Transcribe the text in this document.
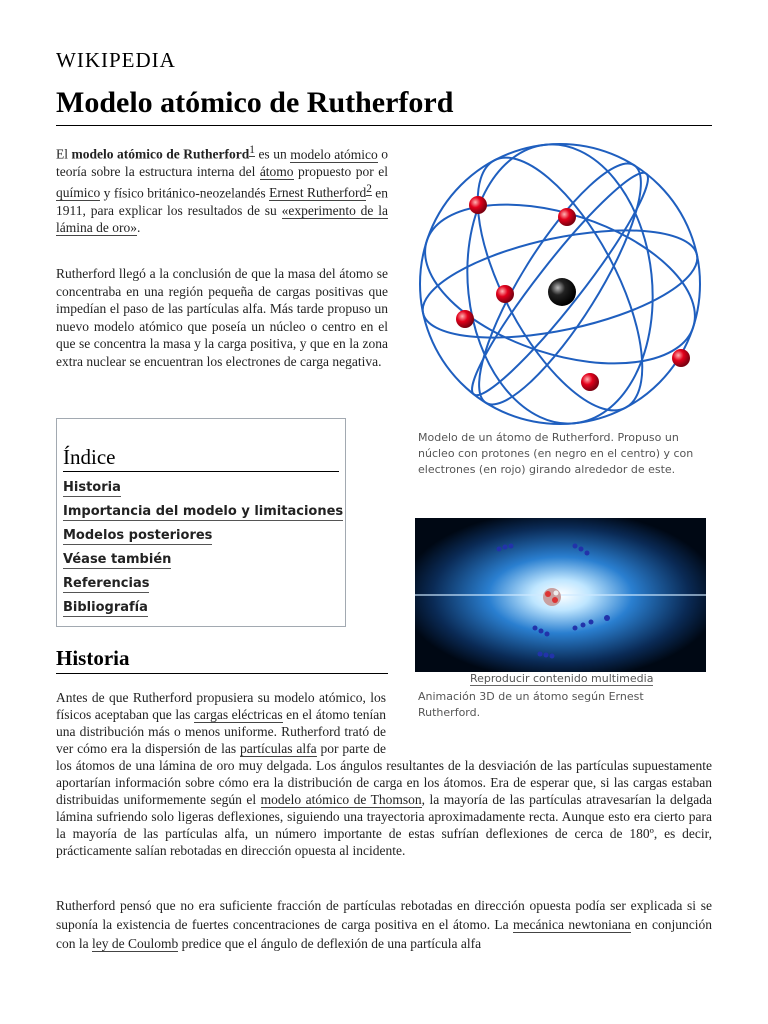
WIKIPEDIA
Modelo atómico de Rutherford

El modelo atómico de Rutherford$^1$ es un modelo atómico o teoría sobre la estructura interna del átomo propuesto por el químico y físico británico-neozelandés Ernest Rutherford$^2$ en 1911, para explicar los resultados de su «experimento de la lámina de oro».

Rutherford llegó a la conclusión de que la masa del átomo se concentraba en una región pequeña de cargas positivas que impedían el paso de las partículas alfa. Más tarde propuso un nuevo modelo atómico que poseía un núcleo o centro en el que se concentra la masa y la carga positiva, y que en la zona extra nuclear se encuentran los electrones de carga negativa.

Modelo de un átomo de Rutherford. Propuso un núcleo con protones (en negro en el centro) y con electrones (en rojo) girando alrededor de este.

Índice
Historia
Importancia del modelo y limitaciones
Modelos posteriores
Véase también
Referencias
Bibliografía
Reproducir contenido multimedia

Animación 3D de un átomo según Ernest Rutherford.

Historia
Antes de que Rutherford propusiera su modelo atómico, los físicos aceptaban que las cargas eléctricas en el átomo tenían una distribución más o menos uniforme. Rutherford trató de ver cómo era la dispersión de las partículas alfa por parte de los átomos de una lámina de oro muy delgada. Los ángulos resultantes de la desviación de las partículas supuestamente aportarían información sobre cómo era la distribución de carga en los átomos. Era de esperar que, si las cargas estaban distribuidas uniformemente según el modelo atómico de Thomson, la mayoría de las partículas atravesarían la delgada lámina sufriendo solo ligeras deflexiones, siguiendo una trayectoria aproximadamente recta. Aunque esto era cierto para la mayoría de las partículas alfa, un número importante de estas sufrían deflexiones de cerca de 180º, es decir, prácticamente salían rebotadas en dirección opuesta al incidente.

Rutherford pensó que no era suficiente fracción de partículas rebotadas en dirección opuesta podía ser explicada si se suponía la existencia de fuertes concentraciones de carga positiva en el átomo. La mecánica newtoniana en conjunción con la ley de Coulomb predice que el ángulo de deflexión de una partícula alfa
